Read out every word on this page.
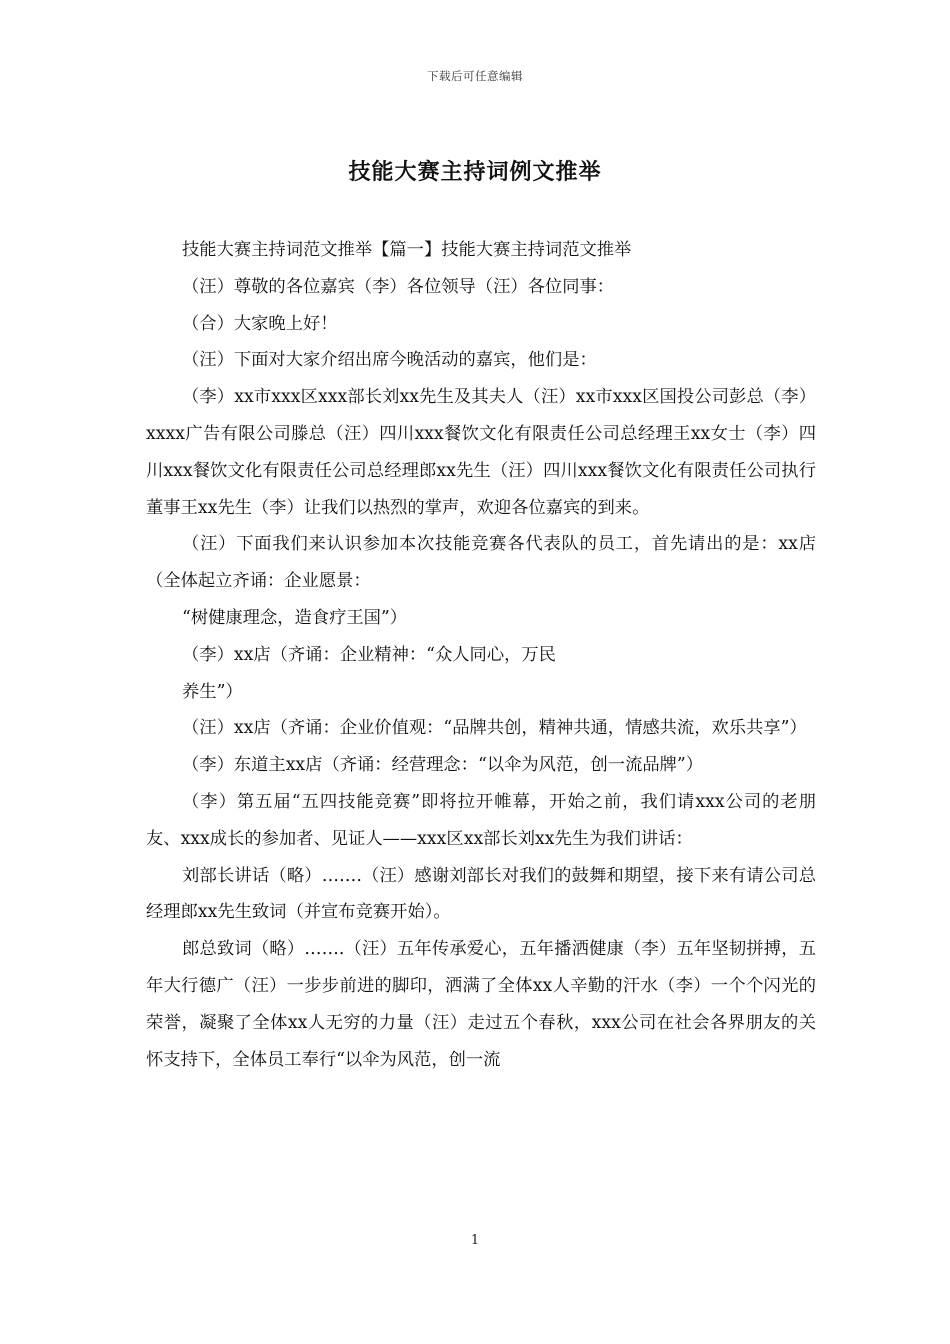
下载后可任意编辑
技能大赛主持词例文推举

技能大赛主持词范文推举【篇一】技能大赛主持词范文推举

（汪）尊敬的各位嘉宾（李）各位领导（汪）各位同事：

（合）大家晚上好！

（汪）下面对大家介绍出席今晚活动的嘉宾，他们是：

（李）xx市xxx区xxx部长刘xx先生及其夫人（汪）xx市xxx区国投公司彭总（李）xxxx广告有限公司滕总（汪）四川xxx餐饮文化有限责任公司总经理王xx女士（李）四川xxx餐饮文化有限责任公司总经理郎xx先生（汪）四川xxx餐饮文化有限责任公司执行董事王xx先生（李）让我们以热烈的掌声，欢迎各位嘉宾的到来。

（汪）下面我们来认识参加本次技能竞赛各代表队的员工，首先请出的是：xx店（全体起立齐诵：企业愿景：

“树健康理念，造食疗王国”）

（李）xx店（齐诵：企业精神：“众人同心，万民

养生”）

（汪）xx店（齐诵：企业价值观：“品牌共创，精神共通，情感共流，欢乐共享”）

（李）东道主xx店（齐诵：经营理念：“以伞为风范，创一流品牌”）

（李）第五届“五四技能竞赛”即将拉开帷幕，开始之前，我们请xxx公司的老朋友、xxx成长的参加者、见证人——xxx区xx部长刘xx先生为我们讲话：

刘部长讲话（略）…….（汪）感谢刘部长对我们的鼓舞和期望，接下来有请公司总经理郎xx先生致词（并宣布竞赛开始）。

郎总致词（略）…….（汪）五年传承爱心，五年播洒健康（李）五年坚韧拼搏，五年大行德广（汪）一步步前进的脚印，洒满了全体xx人辛勤的汗水（李）一个个闪光的荣誉，凝聚了全体xx人无穷的力量（汪）走过五个春秋，xxx公司在社会各界朋友的关怀支持下，全体员工奉行“以伞为风范，创一流

1
